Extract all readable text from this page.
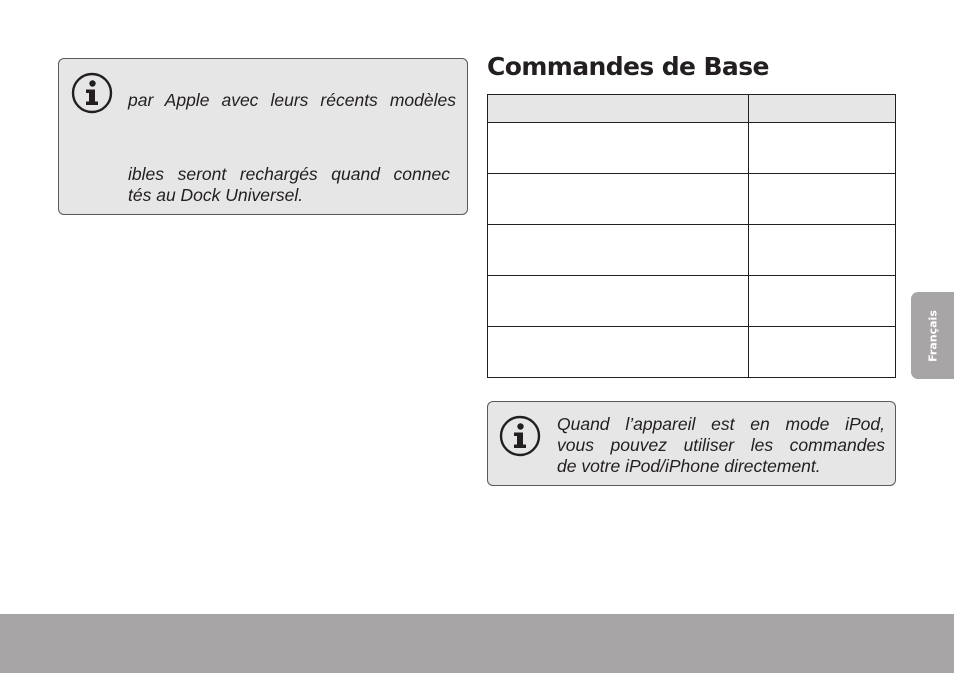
par Apple avec leurs récents modèles

ibles seront rechargés quand connec

tés au Dock Universel.

Commandes de Base

Quand l’appareil est en mode iPod,
vous pouvez utiliser les commandes
de votre iPod/iPhone directement.

Français
